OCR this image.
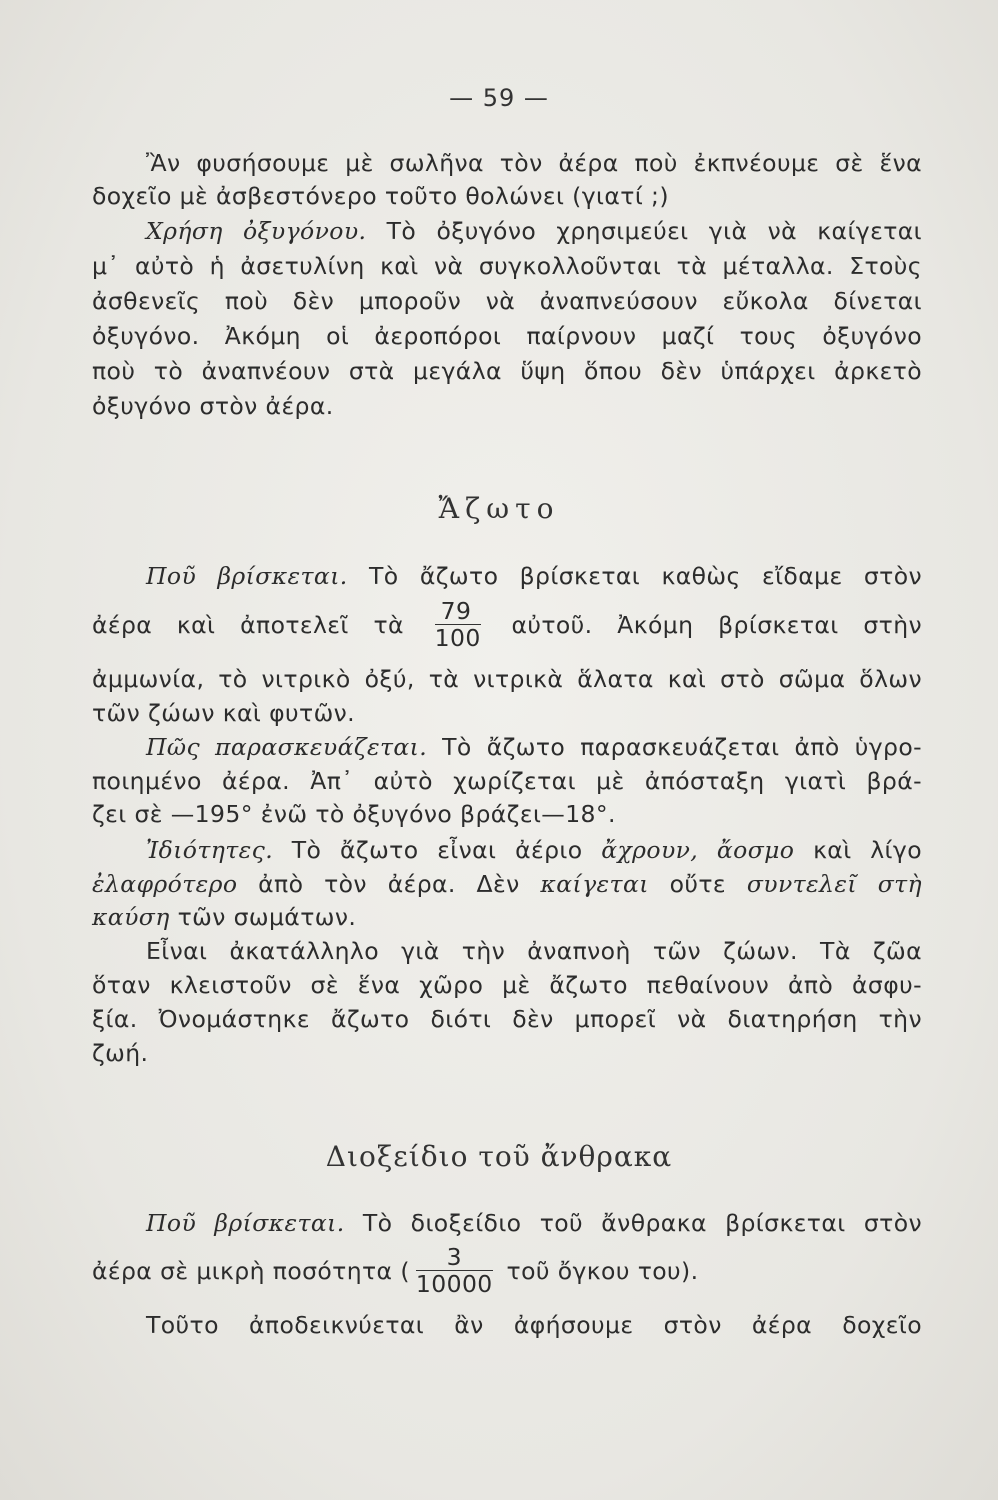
— 59 —
Ἂν φυσήσουμε μὲ σωλῆνα τὸν ἀέρα ποὺ ἐκπνέουμε σὲ ἕνα
δοχεῖο μὲ ἀσβεστόνερο τοῦτο θολώνει (γιατί ;)
Χρήση ὀξυγόνου. Τὸ ὀξυγόνο χρησιμεύει γιὰ νὰ καίγεται
μ᾽ αὐτὸ ἡ ἀσετυλίνη καὶ νὰ συγκολλοῦνται τὰ μέταλλα. Στοὺς
ἀσθενεῖς ποὺ δὲν μποροῦν νὰ ἀναπνεύσουν εὔκολα δίνεται
ὀξυγόνο. Ἀκόμη οἱ ἀεροπόροι παίρνουν μαζί τους ὀξυγόνο
ποὺ τὸ ἀναπνέουν στὰ μεγάλα ὕψη ὅπου δὲν ὑπάρχει ἀρκετὸ
ὀξυγόνο στὸν ἀέρα.
Ἄζωτο
Ποῦ βρίσκεται. Τὸ ἄζωτο βρίσκεται καθὼς εἴδαμε στὸν
ἀέρα καὶ ἀποτελεῖ τὰ $\frac{79}{100}$ αὐτοῦ. Ἀκόμη βρίσκεται στὴν
ἀμμωνία, τὸ νιτρικὸ ὀξύ, τὰ νιτρικὰ ἅλατα καὶ στὸ σῶμα ὅλων
τῶν ζώων καὶ φυτῶν.
Πῶς παρασκευάζεται. Τὸ ἄζωτο παρασκευάζεται ἀπὸ ὑγρο-
ποιημένο ἀέρα. Ἀπ᾽ αὐτὸ χωρίζεται μὲ ἀπόσταξη γιατὶ βρά-
ζει σὲ —195° ἐνῶ τὸ ὀξυγόνο βράζει—18°.
Ἰδιότητες. Τὸ ἄζωτο εἶναι ἀέριο ἄχρουν, ἄοσμο καὶ λίγο
ἐλαφρότερο ἀπὸ τὸν ἀέρα. Δὲν καίγεται οὔτε συντελεῖ στὴ
καύση τῶν σωμάτων.
Εἶναι ἀκατάλληλο γιὰ τὴν ἀναπνοὴ τῶν ζώων. Τὰ ζῶα
ὅταν κλειστοῦν σὲ ἕνα χῶρο μὲ ἄζωτο πεθαίνουν ἀπὸ ἀσφυ-
ξία. Ὀνομάστηκε ἄζωτο διότι δὲν μπορεῖ νὰ διατηρήση τὴν
ζωή.
Διοξείδιο τοῦ ἄνθρακα
Ποῦ βρίσκεται. Τὸ διοξείδιο τοῦ ἄνθρακα βρίσκεται στὸν
ἀέρα σὲ μικρὴ ποσότητα ( $\frac{3}{10000}$ τοῦ ὄγκου του).
Τοῦτο ἀποδεικνύεται ἂν ἀφήσουμε στὸν ἀέρα δοχεῖο
